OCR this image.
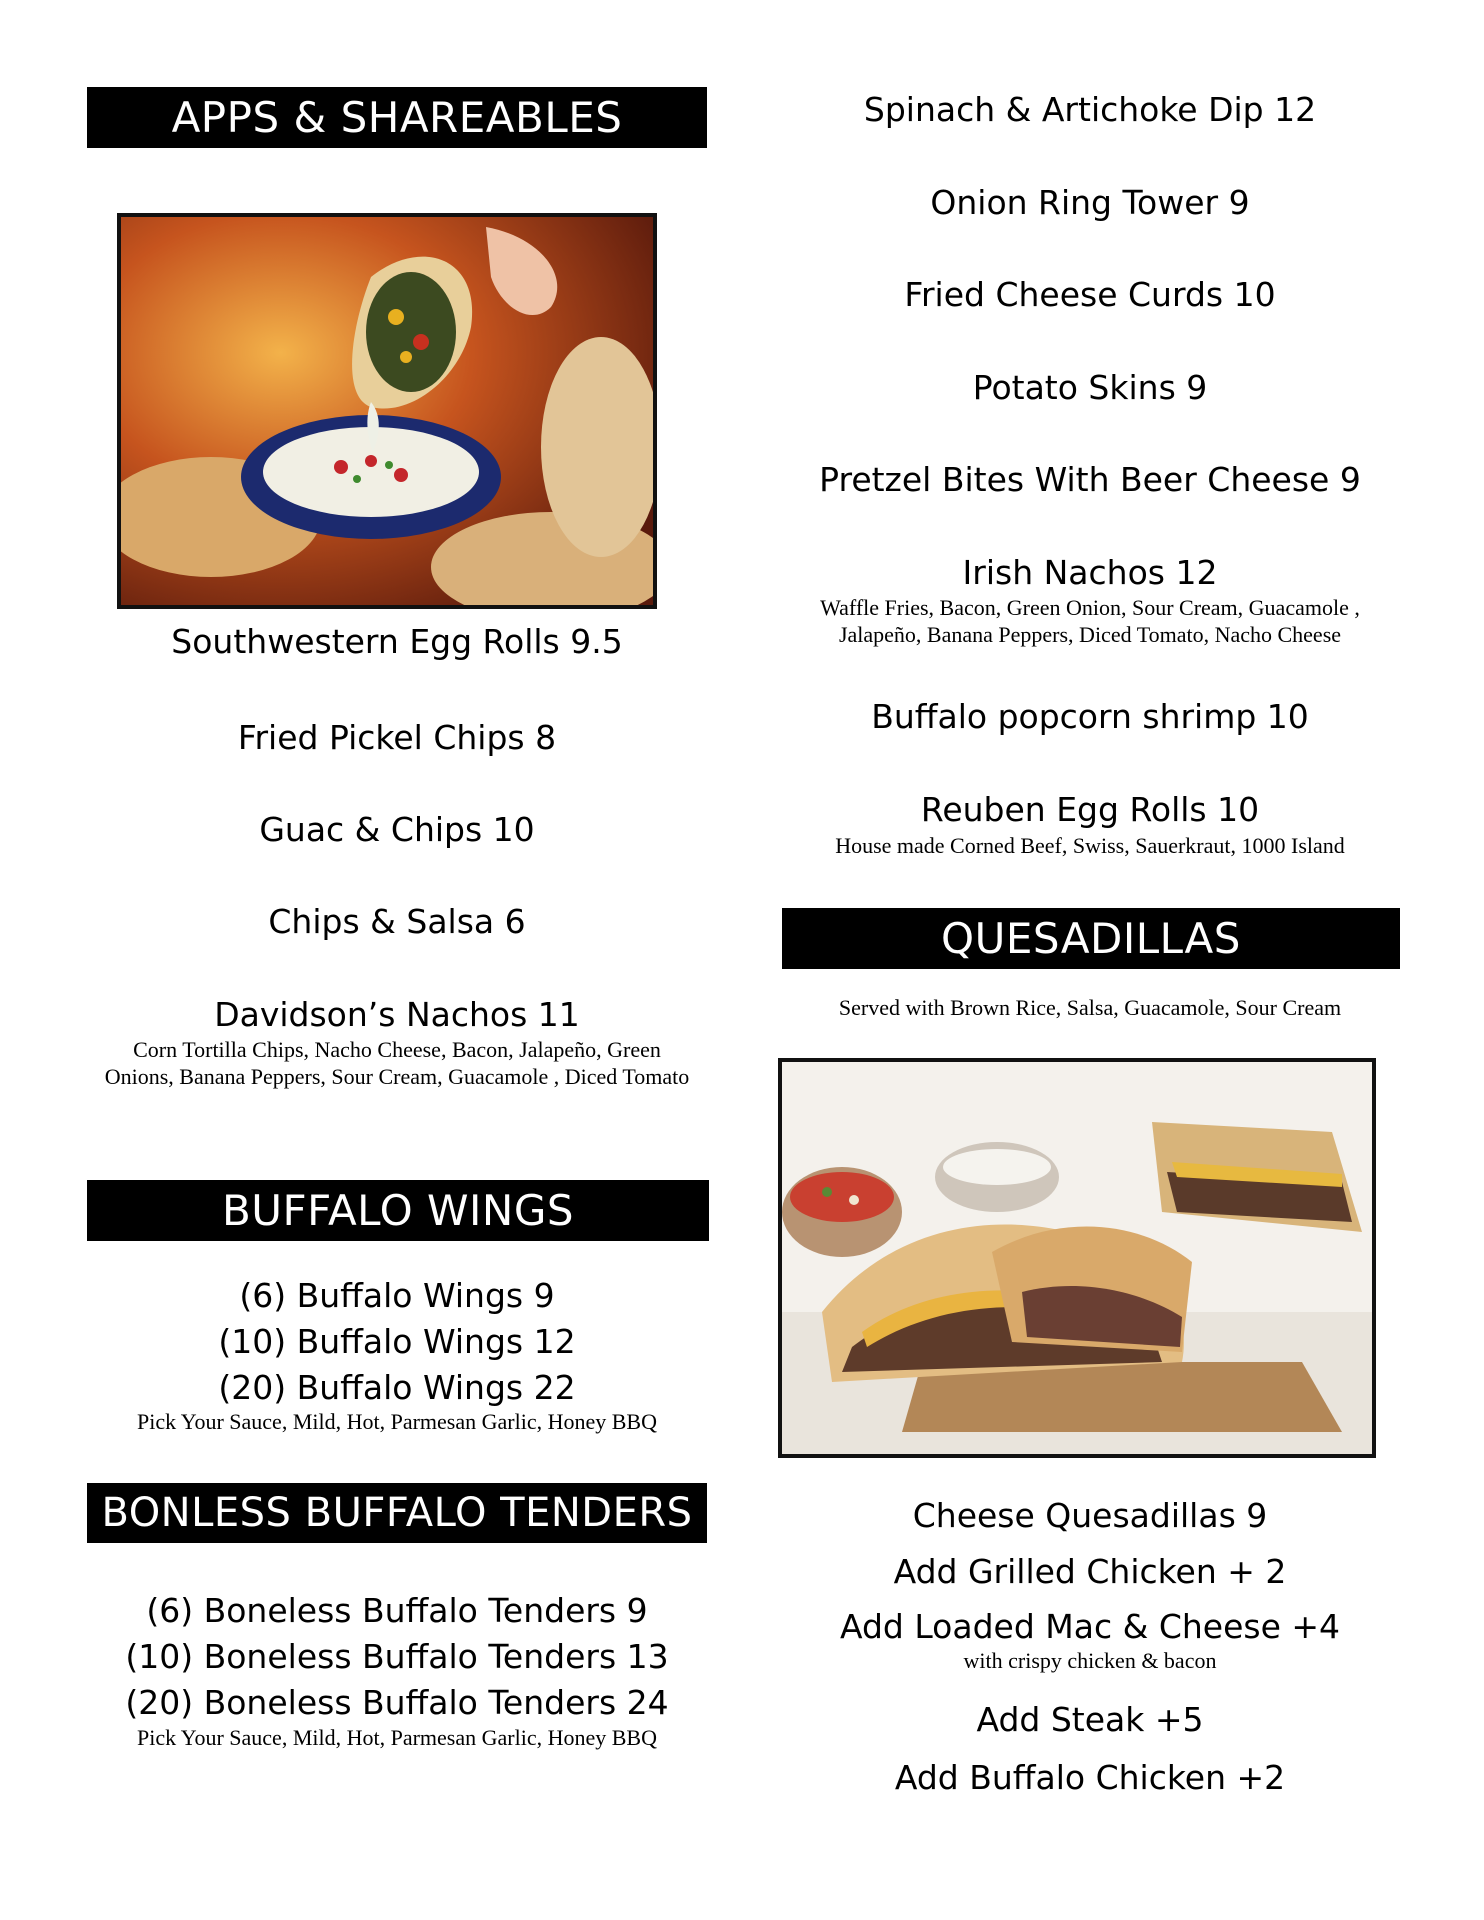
APPS & SHAREABLES
Southwestern Egg Rolls 9.5
Fried Pickel Chips 8
Guac & Chips 10
Chips & Salsa 6
Davidson’s Nachos 11
Corn Tortilla Chips, Nacho Cheese, Bacon, Jalapeño, Green Onions, Banana Peppers, Sour Cream, Guacamole , Diced Tomato
BUFFALO WINGS
(6) Buffalo Wings 9
(10) Buffalo Wings 12
(20) Buffalo Wings 22
Pick Your Sauce, Mild, Hot, Parmesan Garlic, Honey BBQ
BONLESS BUFFALO TENDERS
(6) Boneless Buffalo Tenders 9
(10) Boneless Buffalo Tenders 13
(20) Boneless Buffalo Tenders 24
Pick Your Sauce, Mild, Hot, Parmesan Garlic, Honey BBQ
Spinach & Artichoke Dip 12
Onion Ring Tower 9
Fried Cheese Curds 10
Potato Skins 9
Pretzel Bites With Beer Cheese 9
Irish Nachos 12
Waffle Fries, Bacon, Green Onion, Sour Cream, Guacamole , Jalapeño, Banana Peppers, Diced Tomato, Nacho Cheese
Buffalo popcorn shrimp 10
Reuben Egg Rolls 10
House made Corned Beef, Swiss, Sauerkraut, 1000 Island
QUESADILLAS
Served with Brown Rice, Salsa, Guacamole, Sour Cream
Cheese Quesadillas 9
Add Grilled Chicken + 2
Add Loaded Mac & Cheese +4
with crispy chicken & bacon
Add Steak +5
Add Buffalo Chicken +2
